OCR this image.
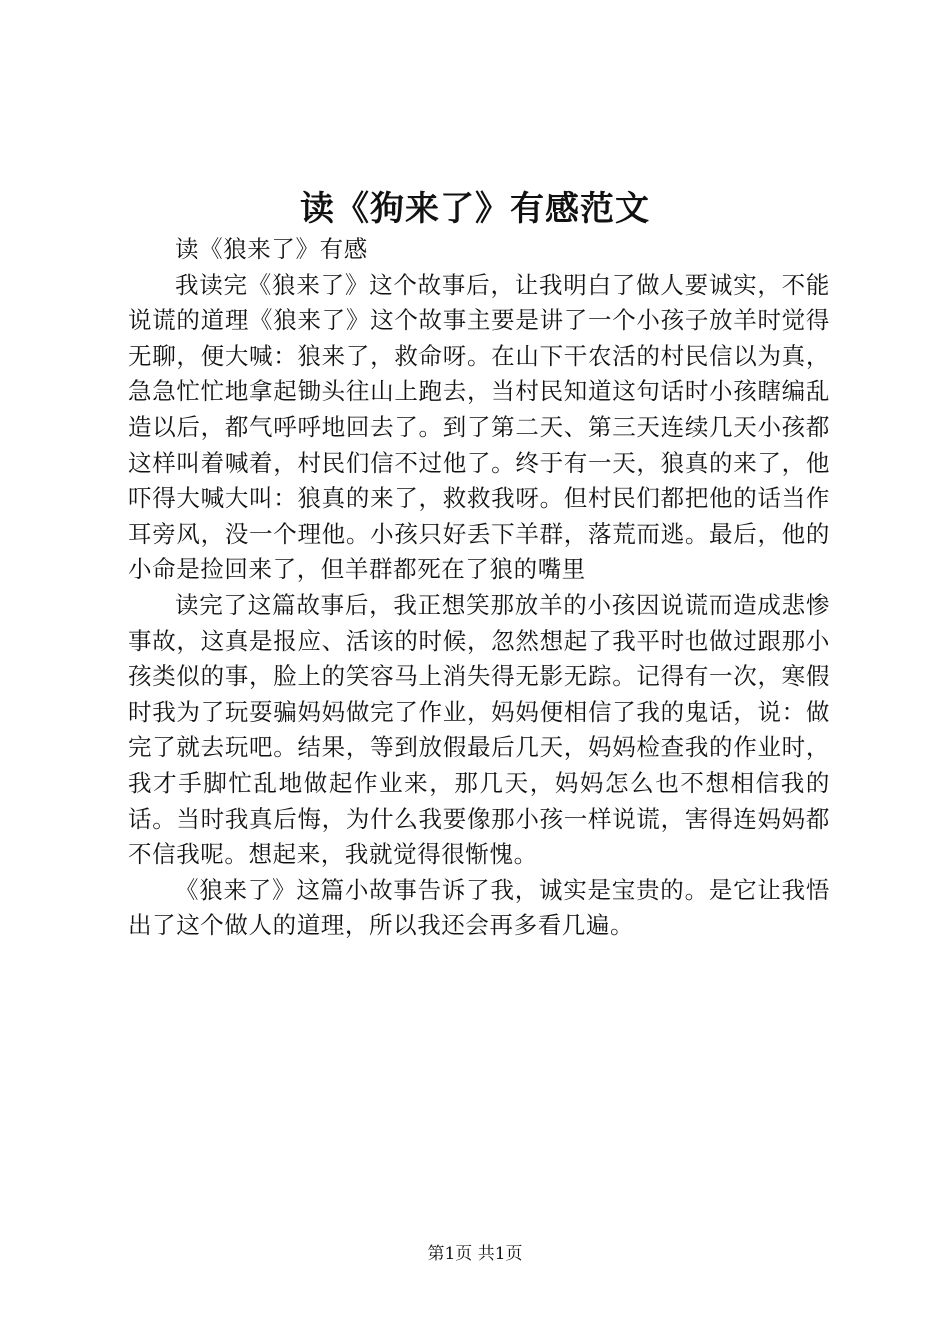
读《狗来了》有感范文

读《狼来了》有感

我读完《狼来了》这个故事后，让我明白了做人要诚实，不能说谎的道理《狼来了》这个故事主要是讲了一个小孩子放羊时觉得无聊，便大喊：狼来了，救命呀。在山下干农活的村民信以为真，急急忙忙地拿起锄头往山上跑去，当村民知道这句话时小孩瞎编乱造以后，都气呼呼地回去了。到了第二天、第三天连续几天小孩都这样叫着喊着，村民们信不过他了。终于有一天，狼真的来了，他吓得大喊大叫：狼真的来了，救救我呀。但村民们都把他的话当作耳旁风，没一个理他。小孩只好丢下羊群，落荒而逃。最后，他的小命是捡回来了，但羊群都死在了狼的嘴里

读完了这篇故事后，我正想笑那放羊的小孩因说谎而造成悲惨事故，这真是报应、活该的时候，忽然想起了我平时也做过跟那小孩类似的事，脸上的笑容马上消失得无影无踪。记得有一次，寒假时我为了玩耍骗妈妈做完了作业，妈妈便相信了我的鬼话，说：做完了就去玩吧。结果，等到放假最后几天，妈妈检查我的作业时，我才手脚忙乱地做起作业来，那几天，妈妈怎么也不想相信我的话。当时我真后悔，为什么我要像那小孩一样说谎，害得连妈妈都不信我呢。想起来，我就觉得很惭愧。

《狼来了》这篇小故事告诉了我，诚实是宝贵的。是它让我悟出了这个做人的道理，所以我还会再多看几遍。

第1页 共1页
